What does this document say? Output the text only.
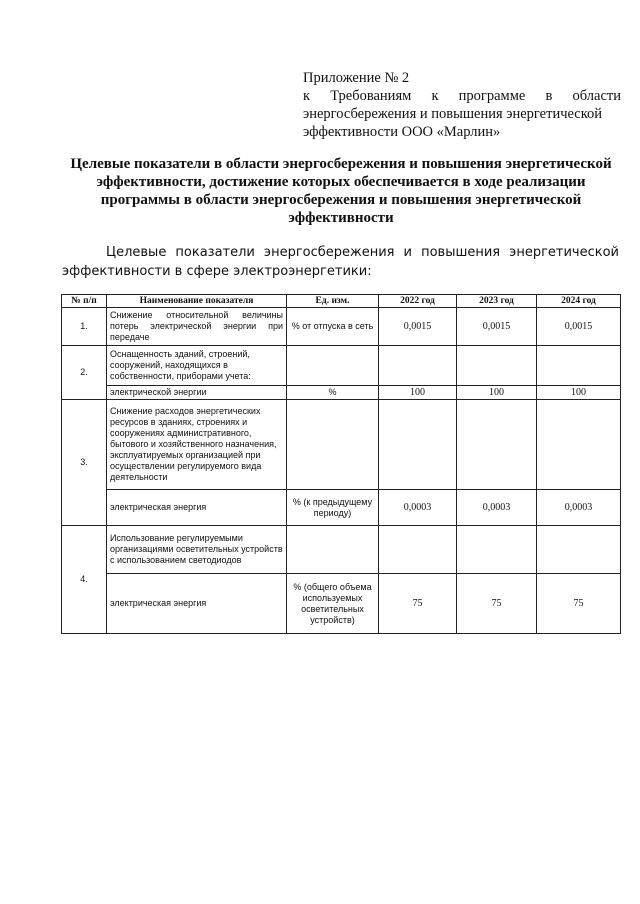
Приложение № 2
к Требованиям к программе в области
энергосбережения и повышения энергетической
эффективности ООО «Марлин»
Целевые показатели в области энергосбережения и повышения энергетической эффективности, достижение которых обеспечивается в ходе реализации программы в области энергосбережения и повышения энергетической эффективности
Целевые показатели энергосбережения и повышения энергетической
эффективности в сфере электроэнергетики:
№ п/п	Наименование показателя	Ед. изм.	2022 год	2023 год	2024 год
1.	Снижение относительной величины потерь электрической энергии при передаче	% от отпуска в сеть	0,0015	0,0015	0,0015
2.	Оснащенность зданий, строений, сооружений, находящихся в собственности, приборами учета:				
	электрической энергии	%	100	100	100
3.	Снижение расходов энергетических ресурсов в зданиях, строениях и сооружениях административного, бытового и хозяйственного назначения, эксплуатируемых организацией при осуществлении регулируемого вида деятельности				
	электрическая энергия	% (к предыдущему периоду)	0,0003	0,0003	0,0003
4.	Использование регулируемыми организациями осветительных устройств с использованием светодиодов				
	электрическая энергия	% (общего объема используемых осветительных устройств)	75	75	75
